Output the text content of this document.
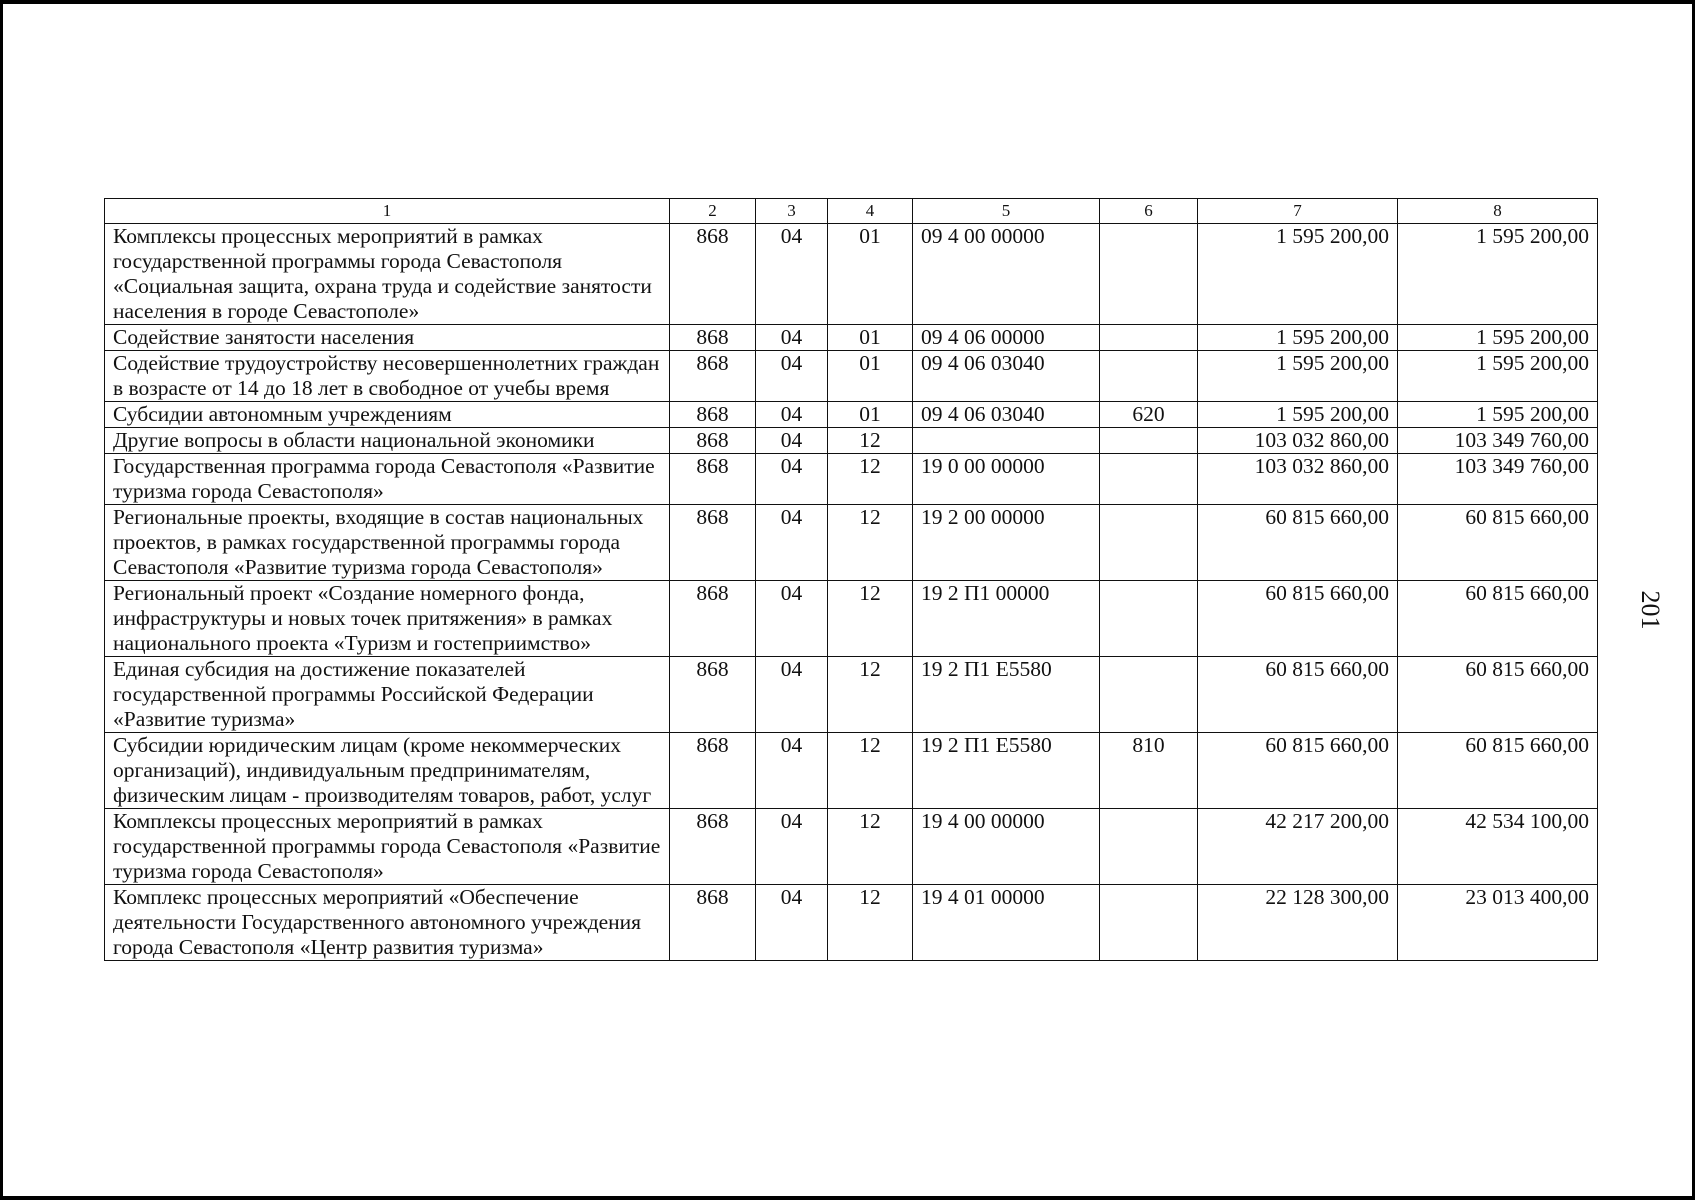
201
1	2	3	4	5	6	7	8
Комплексы процессных мероприятий в рамках государственной программы города Севастополя «Социальная защита, охрана труда и содействие занятости населения в городе Севастополе»	868	04	01	09 4 00 00000		1 595 200,00	1 595 200,00
Содействие занятости населения	868	04	01	09 4 06 00000		1 595 200,00	1 595 200,00
Содействие трудоустройству несовершеннолетних граждан в возрасте от 14 до 18 лет в свободное от учебы время	868	04	01	09 4 06 03040		1 595 200,00	1 595 200,00
Субсидии автономным учреждениям	868	04	01	09 4 06 03040	620	1 595 200,00	1 595 200,00
Другие вопросы в области национальной экономики	868	04	12			103 032 860,00	103 349 760,00
Государственная программа города Севастополя «Развитие туризма города Севастополя»	868	04	12	19 0 00 00000		103 032 860,00	103 349 760,00
Региональные проекты, входящие в состав национальных проектов, в рамках государственной программы города Севастополя «Развитие туризма города Севастополя»	868	04	12	19 2 00 00000		60 815 660,00	60 815 660,00
Региональный проект «Создание номерного фонда, инфраструктуры и новых точек притяжения» в рамках национального проекта «Туризм и гостеприимство»	868	04	12	19 2 П1 00000		60 815 660,00	60 815 660,00
Единая субсидия на достижение показателей государственной программы Российской Федерации «Развитие туризма»	868	04	12	19 2 П1 Е5580		60 815 660,00	60 815 660,00
Субсидии юридическим лицам (кроме некоммерческих организаций), индивидуальным предпринимателям, физическим лицам - производителям товаров, работ, услуг	868	04	12	19 2 П1 Е5580	810	60 815 660,00	60 815 660,00
Комплексы процессных мероприятий в рамках государственной программы города Севастополя «Развитие туризма города Севастополя»	868	04	12	19 4 00 00000		42 217 200,00	42 534 100,00
Комплекс процессных мероприятий «Обеспечение деятельности Государственного автономного учреждения города Севастополя «Центр развития туризма»	868	04	12	19 4 01 00000		22 128 300,00	23 013 400,00
